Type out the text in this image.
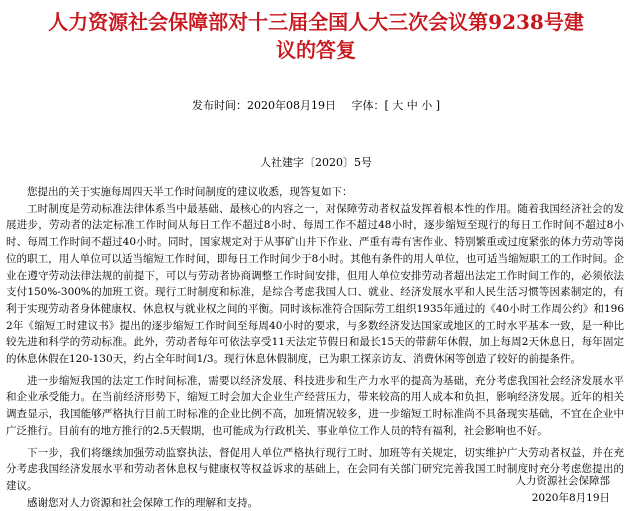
人力资源社会保障部对十三届全国人大三次会议第9238号建
议的答复
发布时间：2020年08月19日 字体：[ 大 中 小 ]
人社建字〔2020〕5号

您提出的关于实施每周四天半工作时间制度的建议收悉，现答复如下：

工时制度是劳动标准法律体系当中最基础、最核心的内容之一，对保障劳动者权益发挥着根本性的作用。随着我国经济社会的发展进步，劳动者的法定标准工作时间从每日工作不超过8小时、每周工作不超过48小时，逐步缩短至现行的每日工作时间不超过8小时、每周工作时间不超过40小时。同时，国家规定对于从事矿山井下作业、严重有毒有害作业、特别繁重或过度紧张的体力劳动等岗位的职工，用人单位可以适当缩短工作时间，即每日工作时间少于8小时。其他有条件的用人单位，也可适当缩短职工的工作时间。企业在遵守劳动法律法规的前提下，可以与劳动者协商调整工作时间安排，但用人单位安排劳动者超出法定工作时间工作的，必须依法支付150%-300%的加班工资。现行工时制度和标准，是综合考虑我国人口、就业、经济发展水平和人民生活习惯等因素制定的，有利于实现劳动者身体健康权、休息权与就业权之间的平衡。同时该标准符合国际劳工组织1935年通过的《40小时工作周公约》和1962年《缩短工时建议书》提出的逐步缩短工作时间至每周40小时的要求，与多数经济发达国家或地区的工时水平基本一致，是一种比较先进和科学的劳动标准。此外，劳动者每年可依法享受11天法定节假日和最长15天的带薪年休假，加上每周2天休息日，每年固定的休息休假在120-130天，约占全年时间1/3。现行休息休假制度，已为职工探亲访友、消费休闲等创造了较好的前提条件。

进一步缩短我国的法定工作时间标准，需要以经济发展、科技进步和生产力水平的提高为基础，充分考虑我国社会经济发展水平和企业承受能力。在当前经济形势下，缩短工时会加大企业生产经营压力，带来较高的用人成本和负担，影响经济发展。近年的相关调查显示，我国能够严格执行目前工时标准的企业比例不高，加班情况较多，进一步缩短工时标准尚不具备现实基础，不宜在企业中广泛推行。目前有的地方推行的2.5天假期，也可能成为行政机关、事业单位工作人员的特有福利，社会影响也不好。

下一步，我们将继续加强劳动监察执法，督促用人单位严格执行现行工时、加班等有关规定，切实维护广大劳动者权益，并在充分考虑我国经济发展水平和劳动者休息权与健康权等权益诉求的基础上，在会同有关部门研究完善我国工时制度时充分考虑您提出的建议。

感谢您对人力资源和社会保障工作的理解和支持。

人力资源社会保障部
2020年8月19日
